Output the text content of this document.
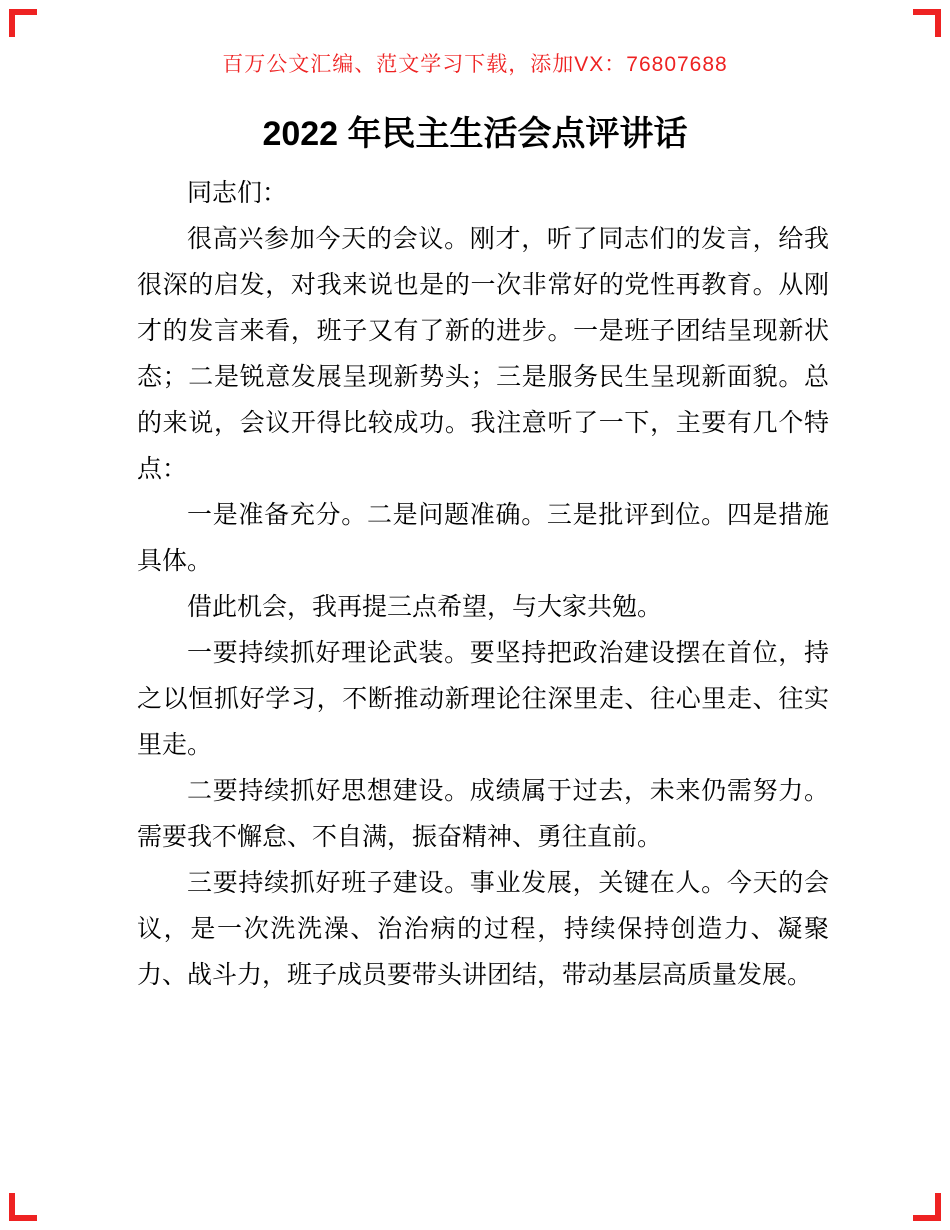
百万公文汇编、范文学习下载，添加VX：76807688
2022 年民主生活会点评讲话

同志们：

很高兴参加今天的会议。刚才，听了同志们的发言，给我很深的启发，对我来说也是的一次非常好的党性再教育。从刚才的发言来看，班子又有了新的进步。一是班子团结呈现新状态；二是锐意发展呈现新势头；三是服务民生呈现新面貌。总的来说，会议开得比较成功。我注意听了一下，主要有几个特点：

一是准备充分。二是问题准确。三是批评到位。四是措施具体。

借此机会，我再提三点希望，与大家共勉。

一要持续抓好理论武装。要坚持把政治建设摆在首位，持之以恒抓好学习，不断推动新理论往深里走、往心里走、往实里走。

二要持续抓好思想建设。成绩属于过去，未来仍需努力。需要我不懈怠、不自满，振奋精神、勇往直前。

三要持续抓好班子建设。事业发展，关键在人。今天的会议，是一次洗洗澡、治治病的过程，持续保持创造力、凝聚力、战斗力，班子成员要带头讲团结，带动基层高质量发展。
